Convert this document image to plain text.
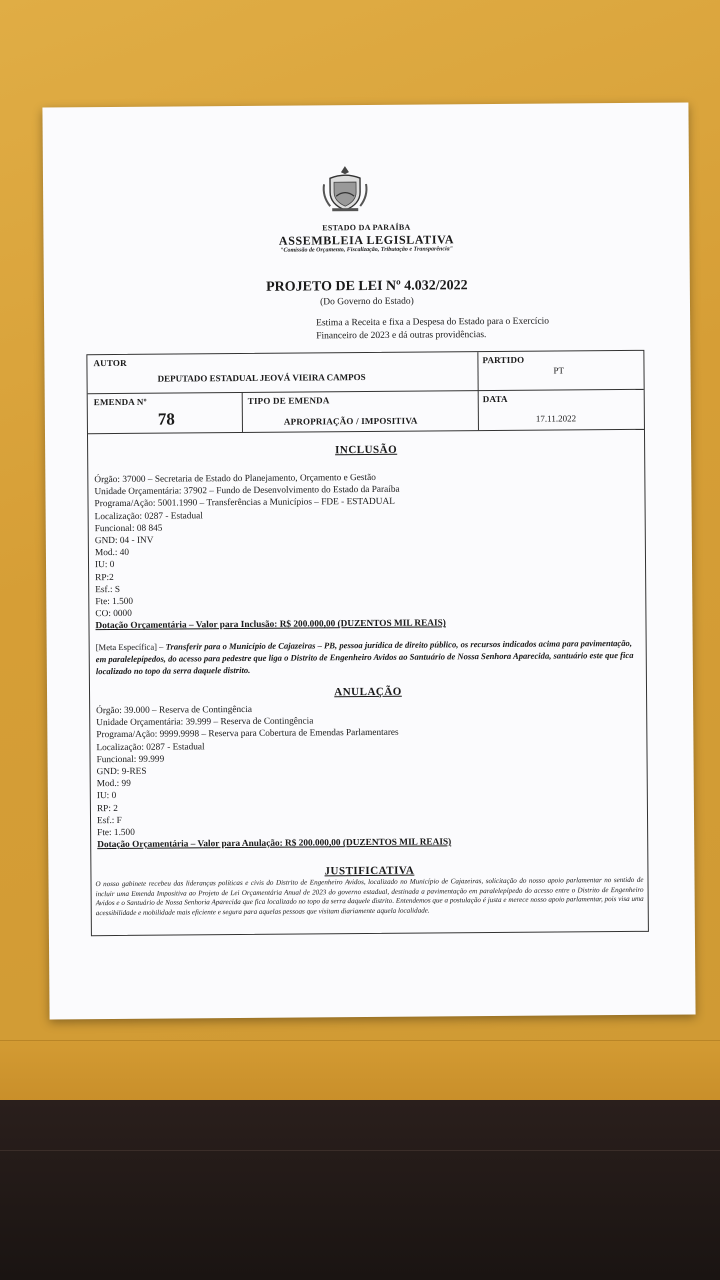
ESTADO DA PARAÍBA
ASSEMBLEIA LEGISLATIVA
"Comissão de Orçamento, Fiscalização, Tributação e Transparência"
PROJETO DE LEI Nº 4.032/2022
(Do Governo do Estado)
Estima a Receita e fixa a Despesa do Estado para o Exercício
Financeiro de 2023 e dá outras providências.
AUTOR
DEPUTADO ESTADUAL JEOVÁ VIEIRA CAMPOS
PARTIDO
PT
EMENDA Nº
78
TIPO DE EMENDA
APROPRIAÇÃO / IMPOSITIVA
DATA
17.11.2022
INCLUSÃO
Órgão: 37000 – Secretaria de Estado do Planejamento, Orçamento e Gestão
Unidade Orçamentária: 37902 – Fundo de Desenvolvimento do Estado da Paraíba
Programa/Ação: 5001.1990 – Transferências a Municípios – FDE - ESTADUAL
Localização: 0287 - Estadual
Funcional: 08 845
GND: 04 - INV
Mod.: 40
IU: 0
RP:2
Esf.: S
Fte: 1.500
CO: 0000
Dotação Orçamentária – Valor para Inclusão: R$ 200.000,00 (DUZENTOS MIL REAIS)
[Meta Específica] – Transferir para o Município de Cajazeiras – PB, pessoa jurídica de direito público, os recursos indicados acima para pavimentação, em paralelepípedos, do acesso para pedestre que liga o Distrito de Engenheiro Avidos ao Santuário de Nossa Senhora Aparecida, santuário este que fica localizado no topo da serra daquele distrito.
ANULAÇÃO
Órgão: 39.000 – Reserva de Contingência
Unidade Orçamentária: 39.999 – Reserva de Contingência
Programa/Ação: 9999.9998 – Reserva para Cobertura de Emendas Parlamentares
Localização: 0287 - Estadual
Funcional: 99.999
GND: 9-RES
Mod.: 99
IU: 0
RP: 2
Esf.: F
Fte: 1.500
Dotação Orçamentária – Valor para Anulação: R$ 200.000,00 (DUZENTOS MIL REAIS)
JUSTIFICATIVA
O nosso gabinete recebeu das lideranças políticas e civis do Distrito de Engenheiro Avidos, localizado no Município de Cajazeiras, solicitação do nosso apoio parlamentar no sentido de incluir uma Emenda Impositiva ao Projeto de Lei Orçamentária Anual de 2023 do governo estadual, destinada a pavimentação em paralelepípedo do acesso entre o Distrito de Engenheiro Avidos e o Santuário de Nossa Senhoria Aparecida que fica localizado no topo da serra daquele distrito. Entendemos que a postulação é justa e merece nosso apoio parlamentar, pois visa uma acessibilidade e mobilidade mais eficiente e segura para aquelas pessoas que visitam diariamente aquela localidade.
